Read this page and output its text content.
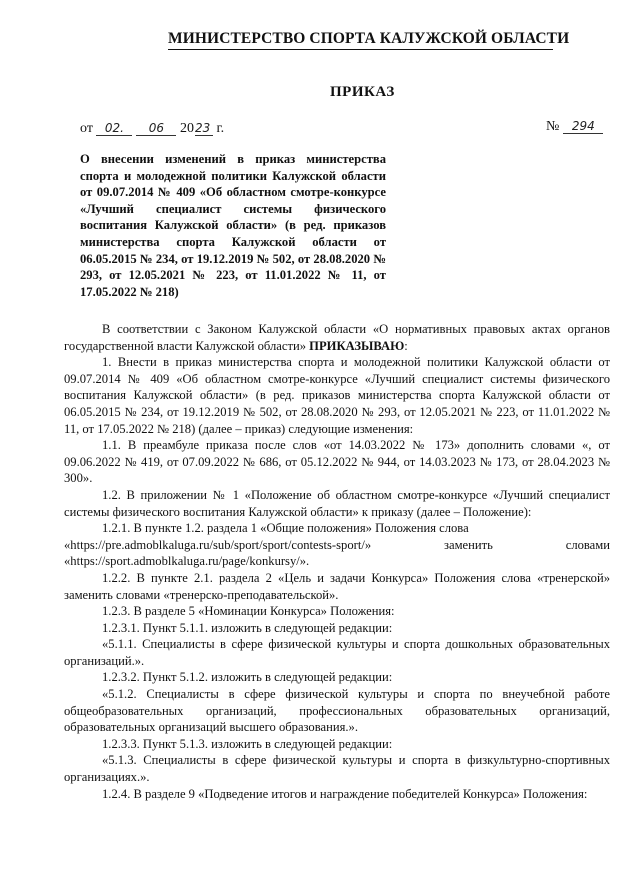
МИНИСТЕРСТВО СПОРТА КАЛУЖСКОЙ ОБЛАСТИ
ПРИКАЗ
от 02. 06 2023 г.	№ 294
О внесении изменений в приказ министерства спорта и молодежной политики Калужской области от 09.07.2014 № 409 «Об областном смотре-конкурсе «Лучший специалист системы физического воспитания Калужской области» (в ред. приказов министерства спорта Калужской области от 06.05.2015 № 234, от 19.12.2019 № 502, от 28.08.2020 № 293, от 12.05.2021 № 223, от 11.01.2022 № 11, от 17.05.2022 № 218)

В соответствии с Законом Калужской области «О нормативных правовых актах органов государственной власти Калужской области» ПРИКАЗЫВАЮ:

1. Внести в приказ министерства спорта и молодежной политики Калужской области от 09.07.2014 № 409 «Об областном смотре-конкурсе «Лучший специалист системы физического воспитания Калужской области» (в ред. приказов министерства спорта Калужской области от 06.05.2015 № 234, от 19.12.2019 № 502, от 28.08.2020 № 293, от 12.05.2021 № 223, от 11.01.2022 № 11, от 17.05.2022 № 218) (далее – приказ) следующие изменения:

1.1. В преамбуле приказа после слов «от 14.03.2022 № 173» дополнить словами «, от 09.06.2022 № 419, от 07.09.2022 № 686, от 05.12.2022 № 944, от 14.03.2023 № 173, от 28.04.2023 № 300».

1.2. В приложении № 1 «Положение об областном смотре-конкурсе «Лучший специалист системы физического воспитания Калужской области» к приказу (далее – Положение):

1.2.1. В пункте 1.2. раздела 1 «Общие положения» Положения слова

«https://pre.admoblkaluga.ru/sub/sport/sport/contests-sport/»	заменить	словами
«https://sport.admoblkaluga.ru/page/konkursy/».

1.2.2. В пункте 2.1. раздела 2 «Цель и задачи Конкурса» Положения слова «тренерской» заменить словами «тренерско-преподавательской».

1.2.3. В разделе 5 «Номинации Конкурса» Положения:

1.2.3.1. Пункт 5.1.1. изложить в следующей редакции:

«5.1.1. Специалисты в сфере физической культуры и спорта дошкольных образовательных организаций.».

1.2.3.2. Пункт 5.1.2. изложить в следующей редакции:

«5.1.2. Специалисты в сфере физической культуры и спорта по внеучебной работе общеобразовательных организаций, профессиональных образовательных организаций, образовательных организаций высшего образования.».

1.2.3.3. Пункт 5.1.3. изложить в следующей редакции:

«5.1.3. Специалисты в сфере физической культуры и спорта в физкультурно-спортивных организациях.».

1.2.4. В разделе 9 «Подведение итогов и награждение победителей Конкурса» Положения:
